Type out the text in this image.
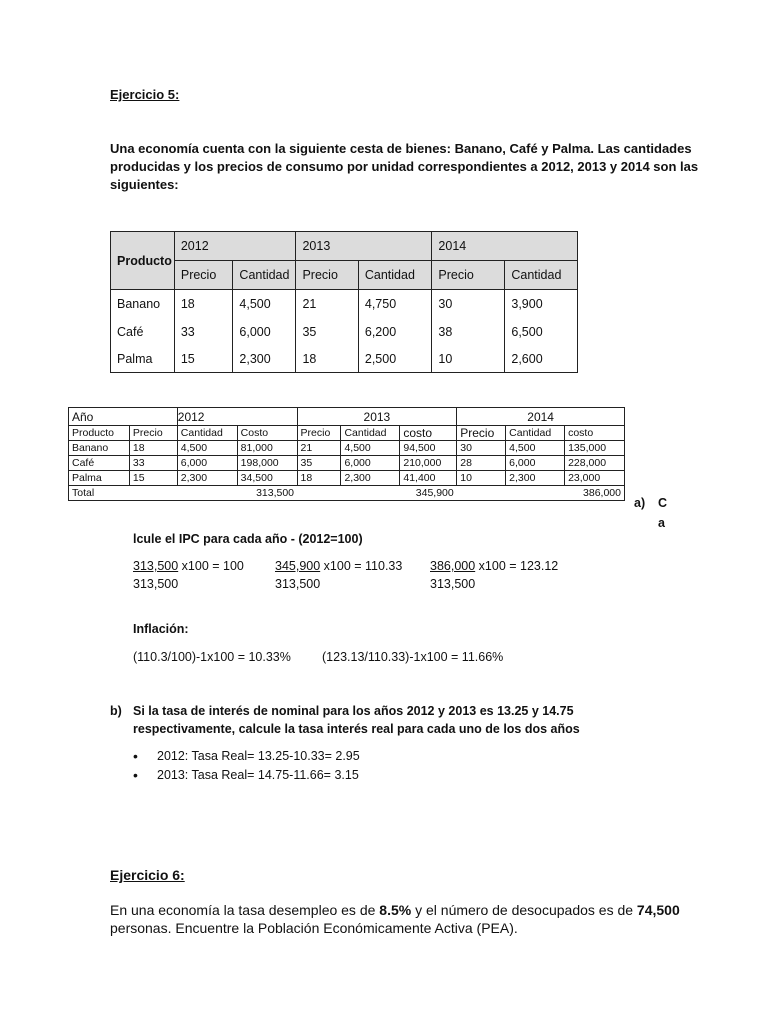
Ejercicio 5:
Una economía cuenta con la siguiente cesta de bienes: Banano, Café y Palma. Las cantidades
producidas y los precios de consumo por unidad correspondientes a 2012, 2013 y 2014 son las
siguientes:
Producto	2012		2013		2014	
	Precio	Cantidad	Precio	Cantidad	Precio	Cantidad
Banano	18	4,500	21	4,750	30	3,900
Café	33	6,000	35	6,200	38	6,500
Palma	15	2,300	18	2,500	10	2,600
Año		2012		2013			2014		
Producto	Precio	Cantidad	Costo	Precio	Cantidad	costo	Precio	Cantidad	costo
Banano	18	4,500	81,000	21	4,500	94,500	30	4,500	135,000
Café	33	6,000	198,000	35	6,000	210,000	28	6,000	228,000
Palma	15	2,300	34,500	18	2,300	41,400	10	2,300	23,000
Total	313,500			345,900			386,000		
a) C
a
lcule el IPC para cada año - (2012=100)
313,500 x100 = 100
313,500
345,900 x100 = 110.33
313,500
386,000 x100 = 123.12
313,500
Inflación:
(110.3/100)-1x100 = 10.33% (123.13/110.33)-1x100 = 11.66%
b) Si la tasa de interés de nominal para los años 2012 y 2013 es 13.25 y 14.75
respectivamente, calcule la tasa interés real para cada uno de los dos años
• 2012: Tasa Real= 13.25-10.33= 2.95
• 2013: Tasa Real= 14.75-11.66= 3.15
Ejercicio 6:
En una economía la tasa desempleo es de 8.5% y el número de desocupados es de 74,500
personas. Encuentre la Población Económicamente Activa (PEA).
